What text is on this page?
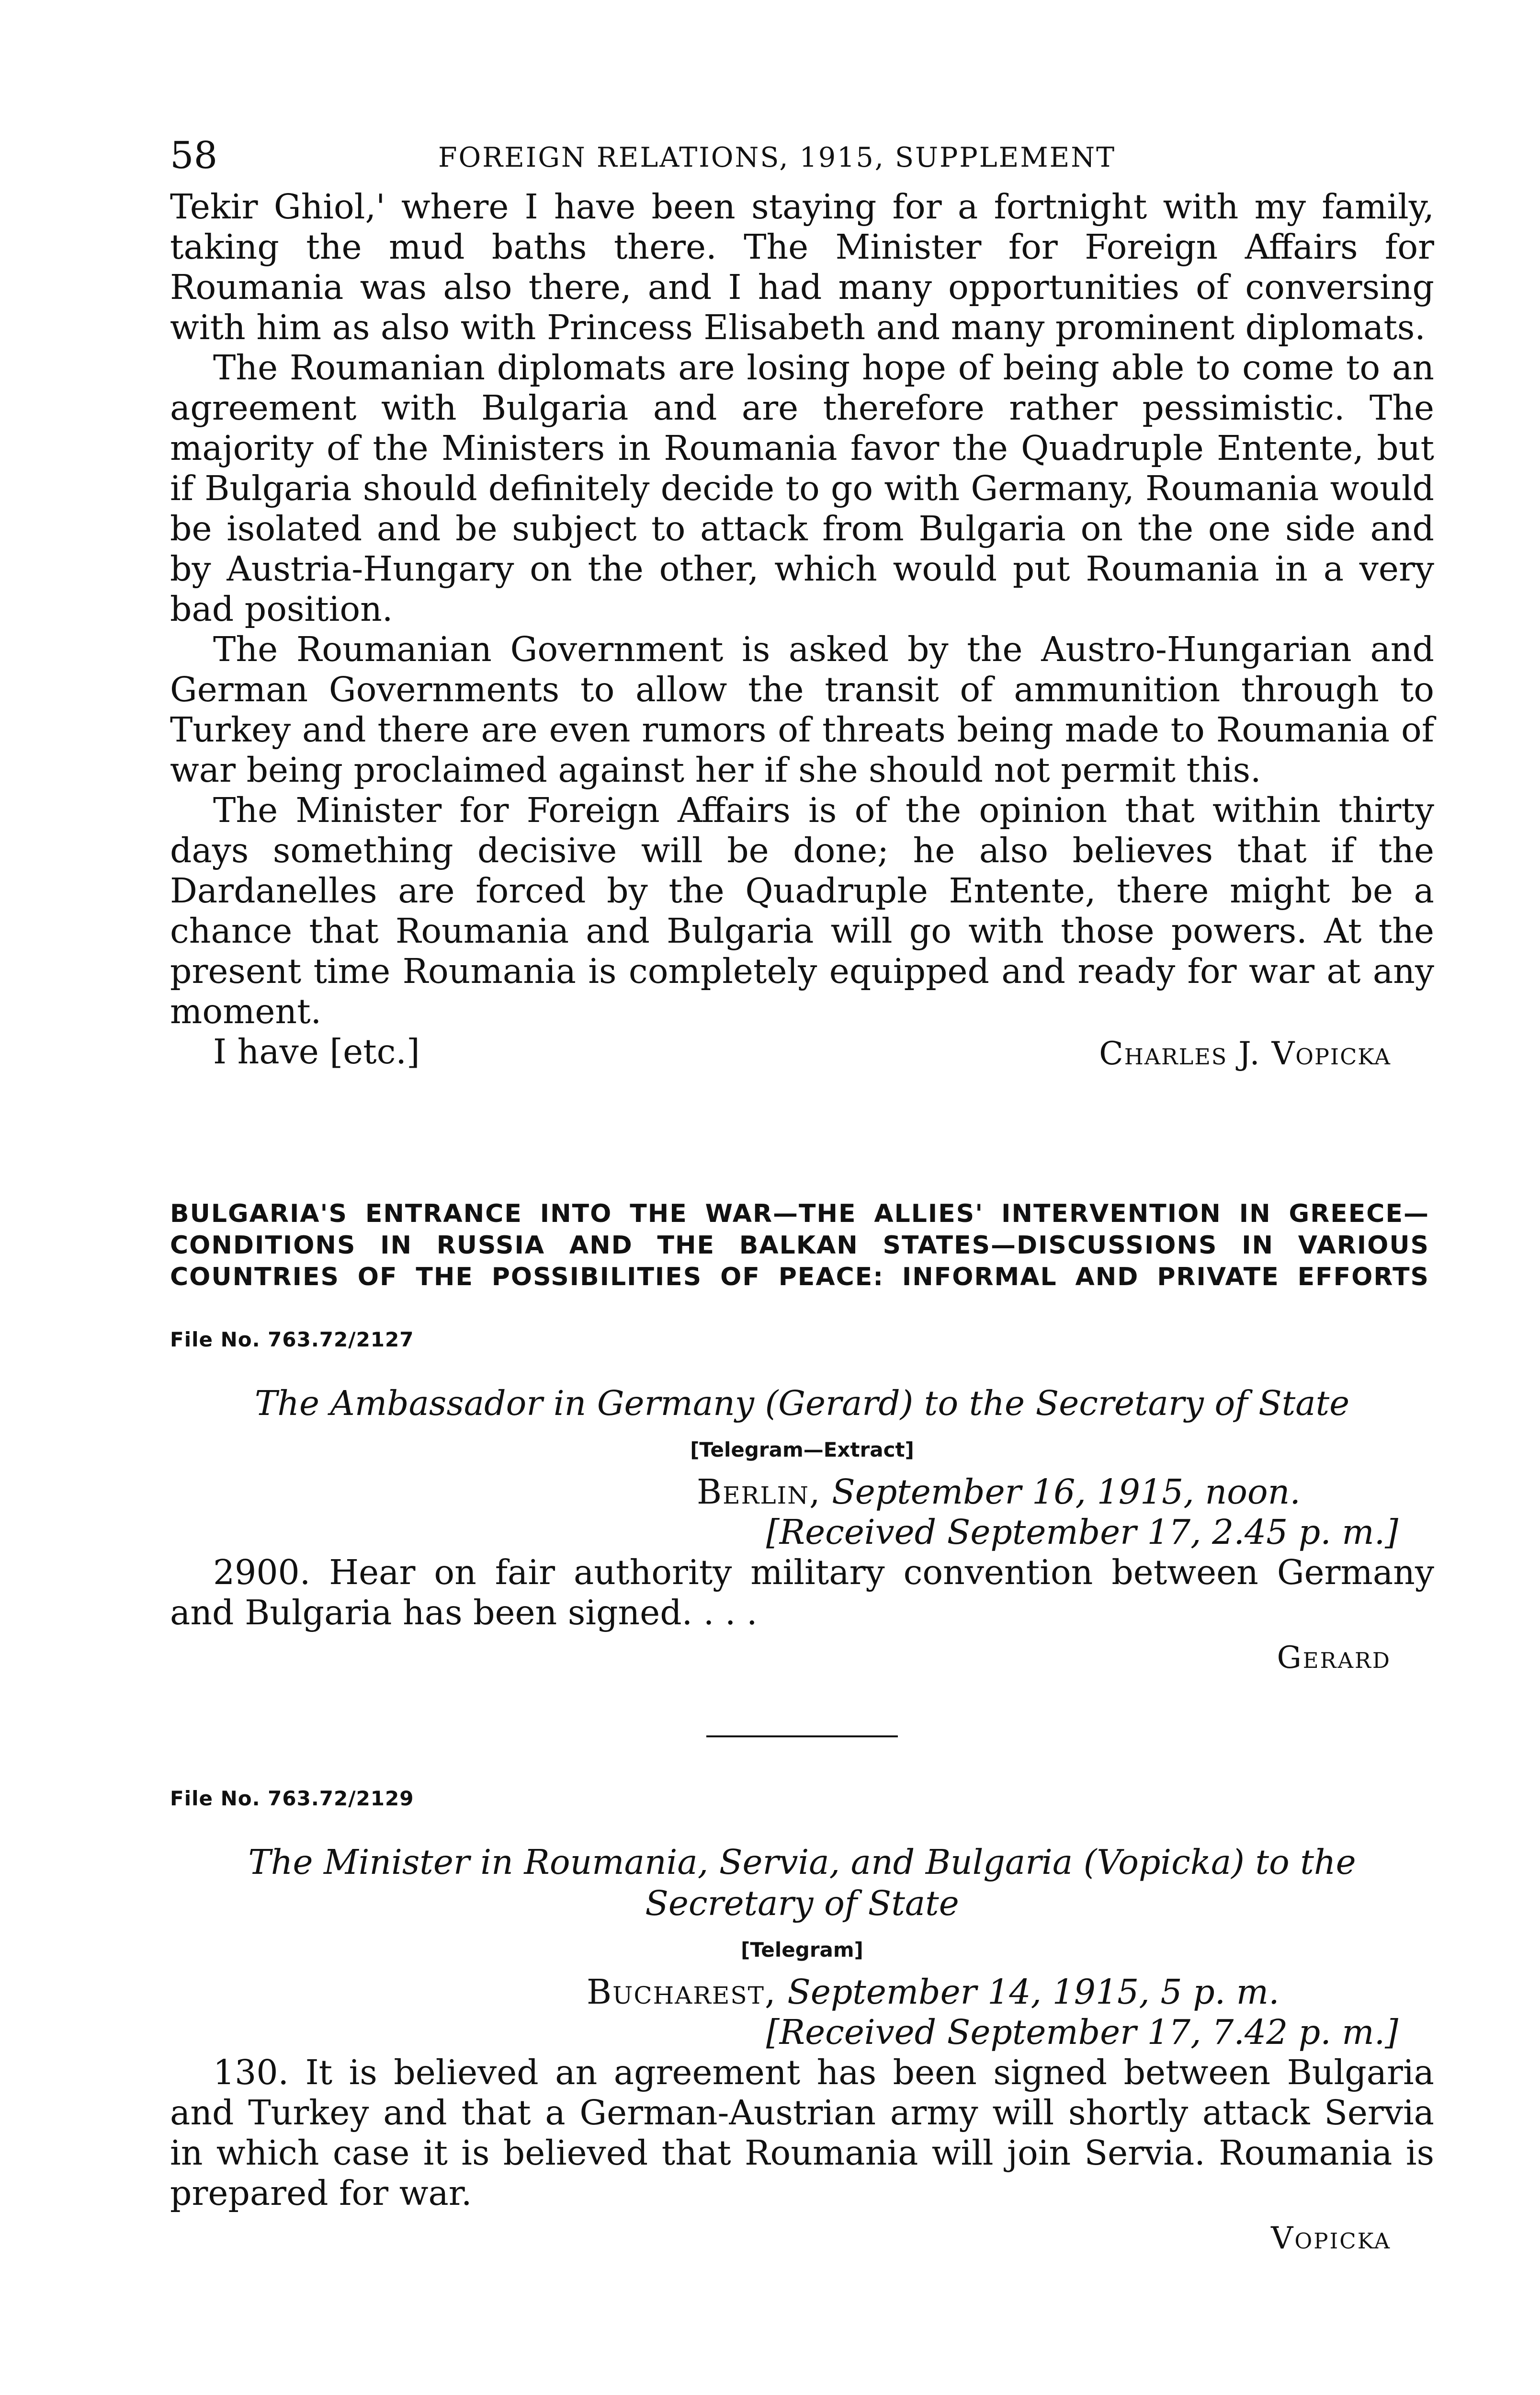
58	FOREIGN RELATIONS, 1915, SUPPLEMENT

Tekir Ghiol,' where I have been staying for a fortnight with my family, taking the mud baths there. The Minister for Foreign Affairs for Roumania was also there, and I had many opportunities of conversing with him as also with Princess Elisabeth and many prominent diplomats.

The Roumanian diplomats are losing hope of being able to come to an agreement with Bulgaria and are therefore rather pessimistic. The majority of the Ministers in Roumania favor the Quadruple Entente, but if Bulgaria should definitely decide to go with Germany, Roumania would be isolated and be subject to attack from Bulgaria on the one side and by Austria-Hungary on the other, which would put Roumania in a very bad position.

The Roumanian Government is asked by the Austro-Hungarian and German Governments to allow the transit of ammunition through to Turkey and there are even rumors of threats being made to Roumania of war being proclaimed against her if she should not permit this.

The Minister for Foreign Affairs is of the opinion that within thirty days something decisive will be done; he also believes that if the Dardanelles are forced by the Quadruple Entente, there might be a chance that Roumania and Bulgaria will go with those powers. At the present time Roumania is completely equipped and ready for war at any moment.

I have [etc.]	Charles J. Vopicka
BULGARIA'S ENTRANCE INTO THE WAR—THE ALLIES' INTERVENTION IN GREECE—CONDITIONS IN RUSSIA AND THE BALKAN STATES—DISCUSSIONS IN VARIOUS COUNTRIES OF THE POSSIBILITIES OF PEACE: INFORMAL AND PRIVATE EFFORTS
File No. 763.72/2127
The Ambassador in Germany (Gerard) to the Secretary of State
[Telegram—Extract]
Berlin, September 16, 1915, noon.
[Received September 17, 2.45 p. m.]

2900. Hear on fair authority military convention between Germany and Bulgaria has been signed. . . .

Gerard
File No. 763.72/2129
The Minister in Roumania, Servia, and Bulgaria (Vopicka) to the Secretary of State
[Telegram]
Bucharest, September 14, 1915, 5 p. m.
[Received September 17, 7.42 p. m.]

130. It is believed an agreement has been signed between Bulgaria and Turkey and that a German-Austrian army will shortly attack Servia in which case it is believed that Roumania will join Servia. Roumania is prepared for war.

Vopicka
